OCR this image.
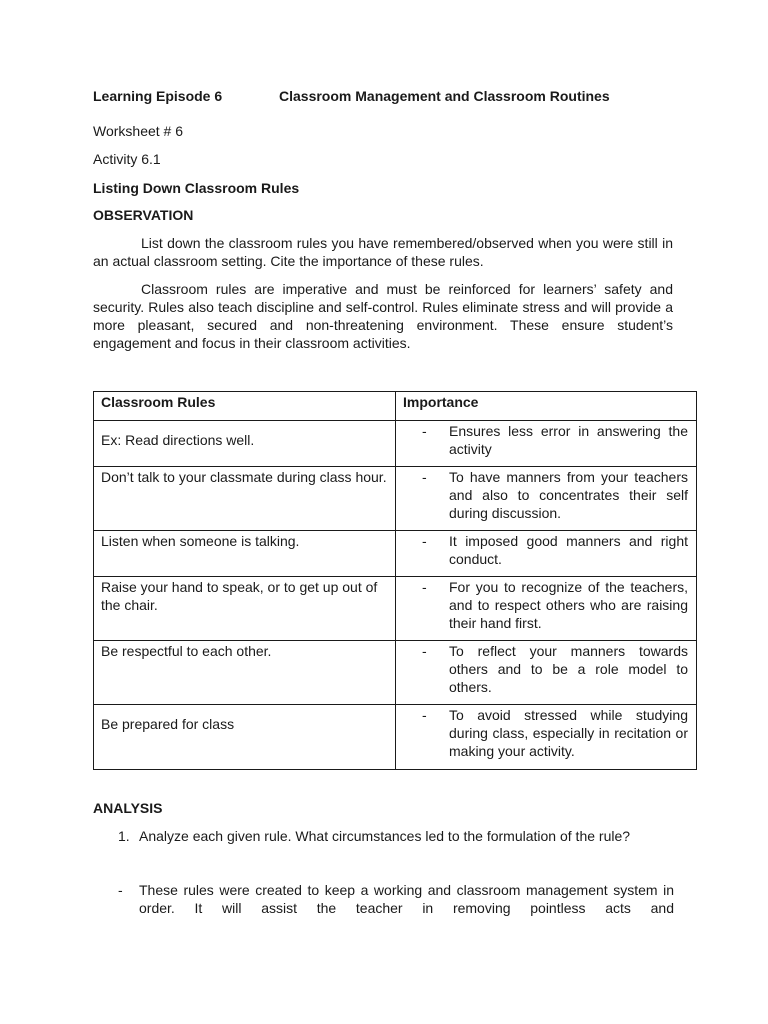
Learning Episode 6	Classroom Management and Classroom Routines
Worksheet # 6
Activity 6.1
Listing Down Classroom Rules
OBSERVATION
List down the classroom rules you have remembered/observed when you were still in an actual classroom setting. Cite the importance of these rules.
Classroom rules are imperative and must be reinforced for learners’ safety and security. Rules also teach discipline and self-control. Rules eliminate stress and will provide a more pleasant, secured and non-threatening environment. These ensure student’s engagement and focus in their classroom activities.
Classroom Rules	Importance

Ex: Read directions well.	- Ensures less error in answering the activity

Don’t talk to your classmate during class hour.	- To have manners from your teachers and also to concentrates their self during discussion.

Listen when someone is talking.	- It imposed good manners and right conduct.

Raise your hand to speak, or to get up out of the chair.	- For you to recognize of the teachers, and to respect others who are raising their hand first.

Be respectful to each other.	- To reflect your manners towards others and to be a role model to others.

Be prepared for class	- To avoid stressed while studying during class, especially in recitation or making your activity.
ANALYSIS
1. Analyze each given rule. What circumstances led to the formulation of the rule?
-	These rules were created to keep a working and classroom management system in order. It will assist the teacher in removing pointless acts and
